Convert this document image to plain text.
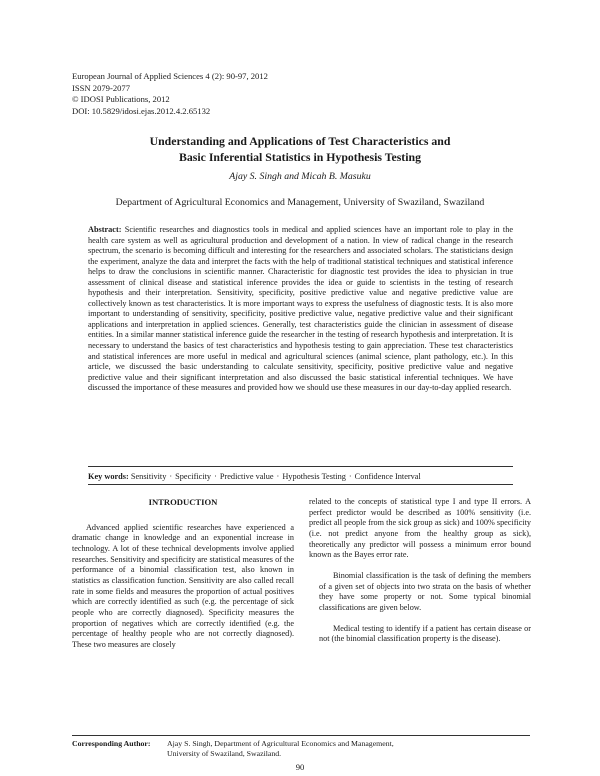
European Journal of Applied Sciences 4 (2): 90-97, 2012
ISSN 2079-2077
© IDOSI Publications, 2012
DOI: 10.5829/idosi.ejas.2012.4.2.65132
Understanding and Applications of Test Characteristics and
Basic Inferential Statistics in Hypothesis Testing
Ajay S. Singh and Micah B. Masuku
Department of Agricultural Economics and Management, University of Swaziland, Swaziland
Abstract: Scientific researches and diagnostics tools in medical and applied sciences have an important role to play in the health care system as well as agricultural production and development of a nation. In view of radical change in the research spectrum, the scenario is becoming difficult and interesting for the researchers and associated scholars. The statisticians design the experiment, analyze the data and interpret the facts with the help of traditional statistical techniques and statistical inference helps to draw the conclusions in scientific manner. Characteristic for diagnostic test provides the idea to physician in true assessment of clinical disease and statistical inference provides the idea or guide to scientists in the testing of research hypothesis and their interpretation. Sensitivity, specificity, positive predictive value and negative predictive value are collectively known as test characteristics. It is more important ways to express the usefulness of diagnostic tests. It is also more important to understanding of sensitivity, specificity, positive predictive value, negative predictive value and their significant applications and interpretation in applied sciences. Generally, test characteristics guide the clinician in assessment of disease entities. In a similar manner statistical inference guide the researcher in the testing of research hypothesis and interpretation. It is necessary to understand the basics of test characteristics and hypothesis testing to gain appreciation. These test characteristics and statistical inferences are more useful in medical and agricultural sciences (animal science, plant pathology, etc.). In this article, we discussed the basic understanding to calculate sensitivity, specificity, positive predictive value and negative predictive value and their significant interpretation and also discussed the basic statistical inferential techniques. We have discussed the importance of these measures and provided how we should use these measures in our day-to-day applied research.
Key words: Sensitivity · Specificity · Predictive value · Hypothesis Testing · Confidence Interval
INTRODUCTION

Advanced applied scientific researches have experienced a dramatic change in knowledge and an exponential increase in technology. A lot of these technical developments involve applied researches. Sensitivity and specificity are statistical measures of the performance of a binomial classification test, also known in statistics as classification function. Sensitivity are also called recall rate in some fields and measures the proportion of actual positives which are correctly identified as such (e.g. the percentage of sick people who are correctly diagnosed). Specificity measures the proportion of negatives which are correctly identified (e.g. the percentage of healthy people who are not correctly diagnosed). These two measures are closely

related to the concepts of statistical type I and type II errors. A perfect predictor would be described as 100% sensitivity (i.e. predict all people from the sick group as sick) and 100% specificity (i.e. not predict anyone from the healthy group as sick), theoretically any predictor will possess a minimum error bound known as the Bayes error rate.

Binomial classification is the task of defining the members of a given set of objects into two strata on the basis of whether they have some property or not. Some typical binomial classifications are given below.

Medical testing to identify if a patient has certain disease or not (the binomial classification property is the disease).

Corresponding Author: Ajay S. Singh, Department of Agricultural Economics and Management,
University of Swaziland, Swaziland.
90
